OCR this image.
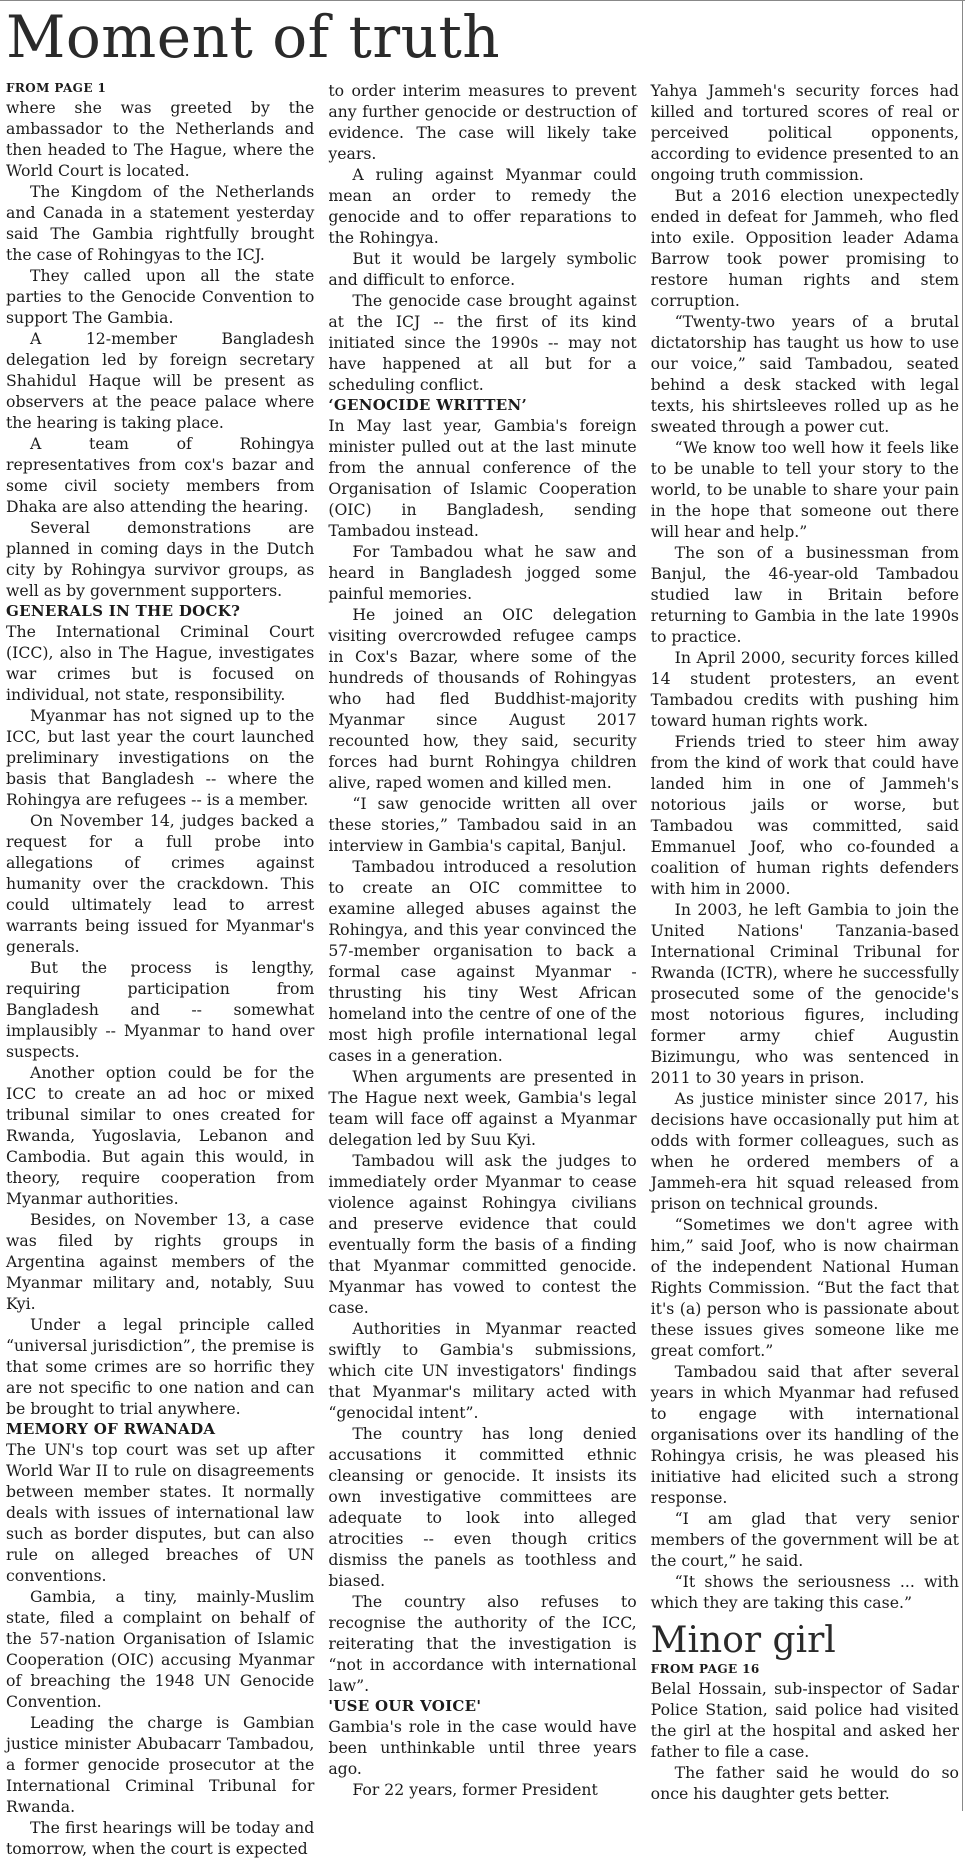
Moment of truth
FROM PAGE 1

where she was greeted by the ambassador to the Netherlands and then headed to The Hague, where the World Court is located.

The Kingdom of the Netherlands and Canada in a statement yesterday said The Gambia rightfully brought the case of Rohingyas to the ICJ.

They called upon all the state parties to the Genocide Convention to support The Gambia.

A 12-member Bangladesh delegation led by foreign secretary Shahidul Haque will be present as observers at the peace palace where the hearing is taking place.

A team of Rohingya representatives from cox's bazar and some civil society members from Dhaka are also attending the hearing.

Several demonstrations are planned in coming days in the Dutch city by Rohingya survivor groups, as well as by government supporters.

GENERALS IN THE DOCK?

The International Criminal Court (ICC), also in The Hague, investigates war crimes but is focused on individual, not state, responsibility.

Myanmar has not signed up to the ICC, but last year the court launched preliminary investigations on the basis that Bangladesh -- where the Rohingya are refugees -- is a member.

On November 14, judges backed a request for a full probe into allegations of crimes against humanity over the crackdown. This could ultimately lead to arrest warrants being issued for Myanmar's generals.

But the process is lengthy, requiring participation from Bangladesh and -- somewhat implausibly -- Myanmar to hand over suspects.

Another option could be for the ICC to create an ad hoc or mixed tribunal similar to ones created for Rwanda, Yugoslavia, Lebanon and Cambodia. But again this would, in theory, require cooperation from Myanmar authorities.

Besides, on November 13, a case was filed by rights groups in Argentina against members of the Myanmar military and, notably, Suu Kyi.

Under a legal principle called “universal jurisdiction”, the premise is that some crimes are so horrific they are not specific to one nation and can be brought to trial anywhere.

MEMORY OF RWANADA

The UN's top court was set up after World War II to rule on disagreements between member states. It normally deals with issues of international law such as border disputes, but can also rule on alleged breaches of UN conventions.

Gambia, a tiny, mainly-Muslim state, filed a complaint on behalf of the 57-nation Organisation of Islamic Cooperation (OIC) accusing Myanmar of breaching the 1948 UN Genocide Convention.

Leading the charge is Gambian justice minister Abubacarr Tambadou, a former genocide prosecutor at the International Criminal Tribunal for Rwanda.

The first hearings will be today and tomorrow, when the court is expected

to order interim measures to prevent any further genocide or destruction of evidence. The case will likely take years.

A ruling against Myanmar could mean an order to remedy the genocide and to offer reparations to the Rohingya.

But it would be largely symbolic and difficult to enforce.

The genocide case brought against at the ICJ -- the first of its kind initiated since the 1990s -- may not have happened at all but for a scheduling conflict.

‘GENOCIDE WRITTEN’

In May last year, Gambia's foreign minister pulled out at the last minute from the annual conference of the Organisation of Islamic Cooperation (OIC) in Bangladesh, sending Tambadou instead.

For Tambadou what he saw and heard in Bangladesh jogged some painful memories.

He joined an OIC delegation visiting overcrowded refugee camps in Cox's Bazar, where some of the hundreds of thousands of Rohingyas who had fled Buddhist-majority Myanmar since August 2017 recounted how, they said, security forces had burnt Rohingya children alive, raped women and killed men.

“I saw genocide written all over these stories,” Tambadou said in an interview in Gambia's capital, Banjul.

Tambadou introduced a resolution to create an OIC committee to examine alleged abuses against the Rohingya, and this year convinced the 57-member organisation to back a formal case against Myanmar - thrusting his tiny West African homeland into the centre of one of the most high profile international legal cases in a generation.

When arguments are presented in The Hague next week, Gambia's legal team will face off against a Myanmar delegation led by Suu Kyi.

Tambadou will ask the judges to immediately order Myanmar to cease violence against Rohingya civilians and preserve evidence that could eventually form the basis of a finding that Myanmar committed genocide. Myanmar has vowed to contest the case.

Authorities in Myanmar reacted swiftly to Gambia's submissions, which cite UN investigators' findings that Myanmar's military acted with “genocidal intent”.

The country has long denied accusations it committed ethnic cleansing or genocide. It insists its own investigative committees are adequate to look into alleged atrocities -- even though critics dismiss the panels as toothless and biased.

The country also refuses to recognise the authority of the ICC, reiterating that the investigation is “not in accordance with international law”.

'USE OUR VOICE'

Gambia's role in the case would have been unthinkable until three years ago.

For 22 years, former President

Yahya Jammeh's security forces had killed and tortured scores of real or perceived political opponents, according to evidence presented to an ongoing truth commission.

But a 2016 election unexpectedly ended in defeat for Jammeh, who fled into exile. Opposition leader Adama Barrow took power promising to restore human rights and stem corruption.

“Twenty-two years of a brutal dictatorship has taught us how to use our voice,” said Tambadou, seated behind a desk stacked with legal texts, his shirtsleeves rolled up as he sweated through a power cut.

“We know too well how it feels like to be unable to tell your story to the world, to be unable to share your pain in the hope that someone out there will hear and help.”

The son of a businessman from Banjul, the 46-year-old Tambadou studied law in Britain before returning to Gambia in the late 1990s to practice.

In April 2000, security forces killed 14 student protesters, an event Tambadou credits with pushing him toward human rights work.

Friends tried to steer him away from the kind of work that could have landed him in one of Jammeh's notorious jails or worse, but Tambadou was committed, said Emmanuel Joof, who co-founded a coalition of human rights defenders with him in 2000.

In 2003, he left Gambia to join the United Nations' Tanzania-based International Criminal Tribunal for Rwanda (ICTR), where he successfully prosecuted some of the genocide's most notorious figures, including former army chief Augustin Bizimungu, who was sentenced in 2011 to 30 years in prison.

As justice minister since 2017, his decisions have occasionally put him at odds with former colleagues, such as when he ordered members of a Jammeh-era hit squad released from prison on technical grounds.

“Sometimes we don't agree with him,” said Joof, who is now chairman of the independent National Human Rights Commission. “But the fact that it's (a) person who is passionate about these issues gives someone like me great comfort.”

Tambadou said that after several years in which Myanmar had refused to engage with international organisations over its handling of the Rohingya crisis, he was pleased his initiative had elicited such a strong response.

“I am glad that very senior members of the government will be at the court,” he said.

“It shows the seriousness ... with which they are taking this case.”

Minor girl
FROM PAGE 16

Belal Hossain, sub-inspector of Sadar Police Station, said police had visited the girl at the hospital and asked her father to file a case.

The father said he would do so once his daughter gets better.
